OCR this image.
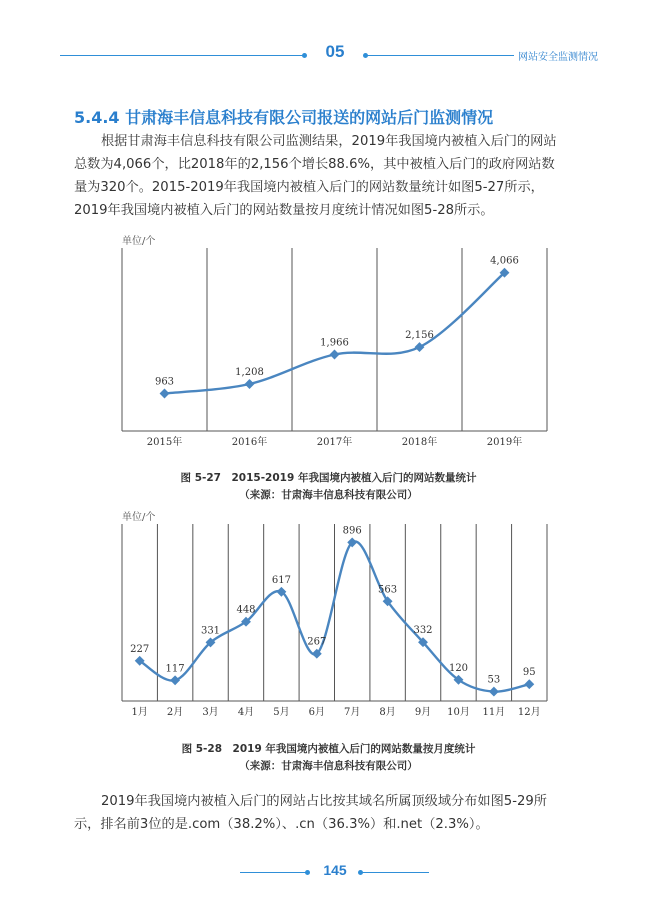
05	网站安全监测情况
5.4.4 甘肃海丰信息科技有限公司报送的网站后门监测情况

根据甘肃海丰信息科技有限公司监测结果，2019年我国境内被植入后门的网站

总数为4,066个，比2018年的2,156个增长88.6%，其中被植入后门的政府网站数

量为320个。2015-2019年我国境内被植入后门的网站数量统计如图5-27所示，

2019年我国境内被植入后门的网站数量按月度统计情况如图5-28所示。

单位/个
963
2015年
1,208
2016年
1,966
2017年
2,156
2018年
4,066
2019年
图 5-27　2015-2019 年我国境内被植入后门的网站数量统计
（来源：甘肃海丰信息科技有限公司）
单位/个
227
1月
117
2月
331
3月
448
4月
617
5月
267
6月
896
7月
563
8月
332
9月
120
10月
53
11月
95
12月
图 5-28　2019 年我国境内被植入后门的网站数量按月度统计
（来源：甘肃海丰信息科技有限公司）

2019年我国境内被植入后门的网站占比按其域名所属顶级域分布如图5-29所

示，排名前3位的是.com（38.2%）、.cn（36.3%）和.net（2.3%）。

145
